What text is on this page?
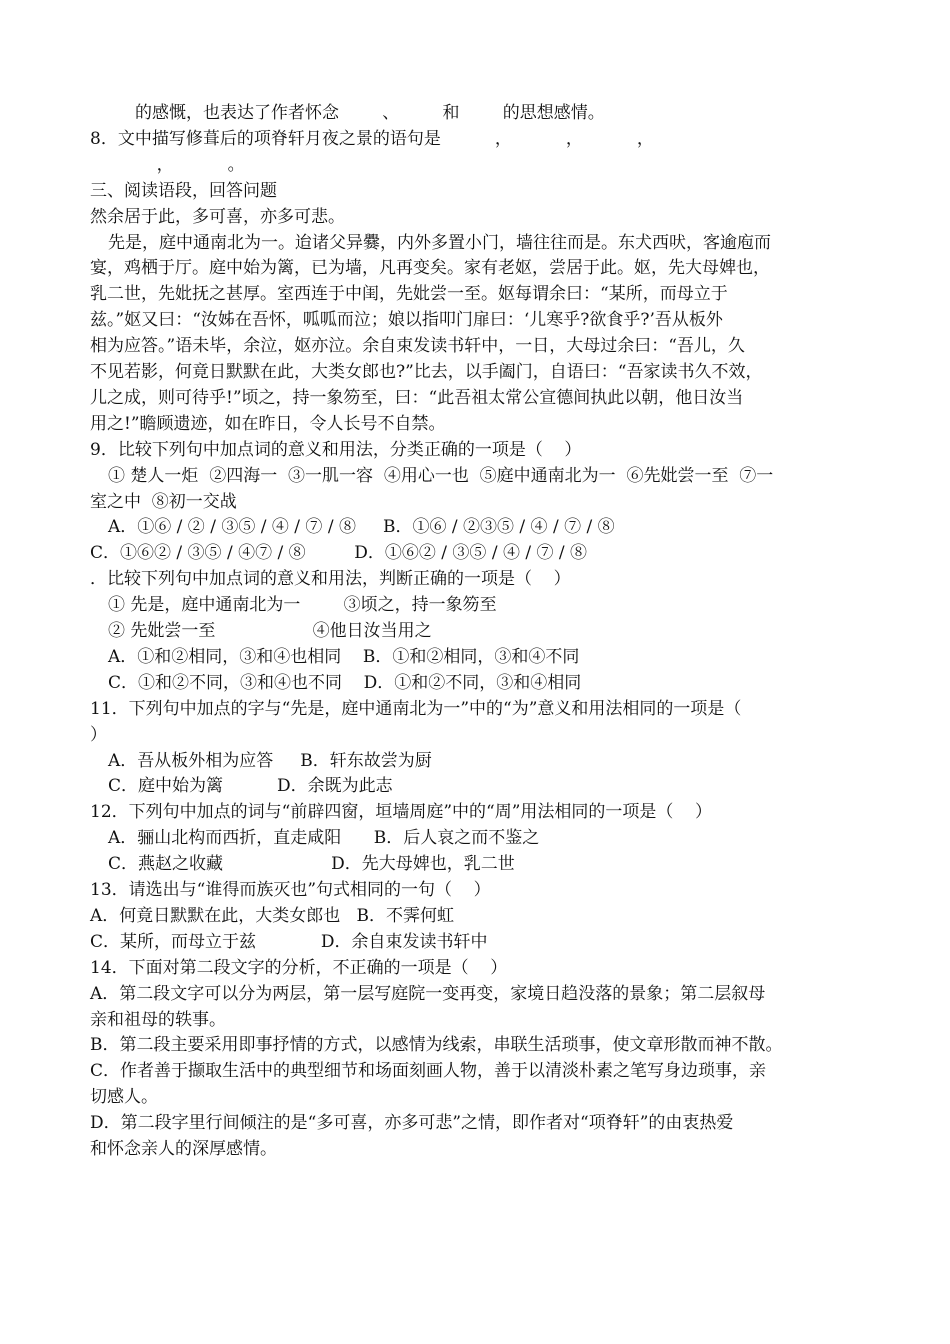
的感慨，也表达了作者怀念        、        和        的思想感情。
8．文中描写修葺后的项脊轩月夜之景的语句是          ，          ，          ，
，          。
三、阅读语段，回答问题
然余居于此，多可喜，亦多可悲。
先是，庭中通南北为一。迨诸父异爨，内外多置小门，墙往往而是。东犬西吠，客逾庖而
宴，鸡栖于厅。庭中始为篱，已为墙，凡再变矣。家有老妪，尝居于此。妪，先大母婢也，
乳二世，先妣抚之甚厚。室西连于中闺，先妣尝一至。妪每谓余曰：“某所，而母立于
兹。”妪又曰：“汝姊在吾怀，呱呱而泣；娘以指叩门扉曰：‘儿寒乎?欲食乎?’吾从板外
相为应答。”语未毕，余泣，妪亦泣。余自束发读书轩中，一日，大母过余曰：“吾儿，久
不见若影，何竟日默默在此，大类女郎也?”比去，以手阖门，自语曰：“吾家读书久不效，
儿之成，则可待乎!”顷之，持一象笏至，曰：“此吾祖太常公宣德间执此以朝，他日汝当
用之!”瞻顾遗迹，如在昨日，令人长号不自禁。
9．比较下列句中加点词的意义和用法，分类正确的一项是（    ）
① 楚人一炬  ②四海一  ③一肌一容  ④用心一也  ⑤庭中通南北为一  ⑥先妣尝一至  ⑦一
室之中  ⑧初一交战
A．①⑥ / ② / ③⑤ / ④ / ⑦ / ⑧     B．①⑥ / ②③⑤ / ④ / ⑦ / ⑧
C．①⑥② / ③⑤ / ④⑦ / ⑧         D．①⑥② / ③⑤ / ④ / ⑦ / ⑧
．比较下列句中加点词的意义和用法，判断正确的一项是（    ）
① 先是，庭中通南北为一        ③顷之，持一象笏至
② 先妣尝一至                  ④他日汝当用之
A．①和②相同，③和④也相同    B．①和②相同，③和④不同
C．①和②不同，③和④也不同    D．①和②不同，③和④相同
11．下列句中加点的字与“先是，庭中通南北为一”中的“为”意义和用法相同的一项是（
）
A．吾从板外相为应答     B．轩东故尝为厨
C．庭中始为篱          D．余既为此志
12．下列句中加点的词与“前辟四窗，垣墙周庭”中的“周”用法相同的一项是（    ）
A．骊山北构而西折，直走咸阳      B．后人哀之而不鉴之
C．燕赵之收藏                    D．先大母婢也，乳二世
13．请选出与“谁得而族灭也”句式相同的一句（    ）
A．何竟日默默在此，大类女郎也   B．不霁何虹
C．某所，而母立于兹            D．余自束发读书轩中
14．下面对第二段文字的分析，不正确的一项是（    ）
A．第二段文字可以分为两层，第一层写庭院一变再变，家境日趋没落的景象；第二层叙母
亲和祖母的轶事。
B．第二段主要采用即事抒情的方式，以感情为线索，串联生活琐事，使文章形散而神不散。
C．作者善于撷取生活中的典型细节和场面刻画人物，善于以清淡朴素之笔写身边琐事，亲
切感人。
D．第二段字里行间倾注的是“多可喜，亦多可悲”之情，即作者对“项脊轩”的由衷热爱
和怀念亲人的深厚感情。
